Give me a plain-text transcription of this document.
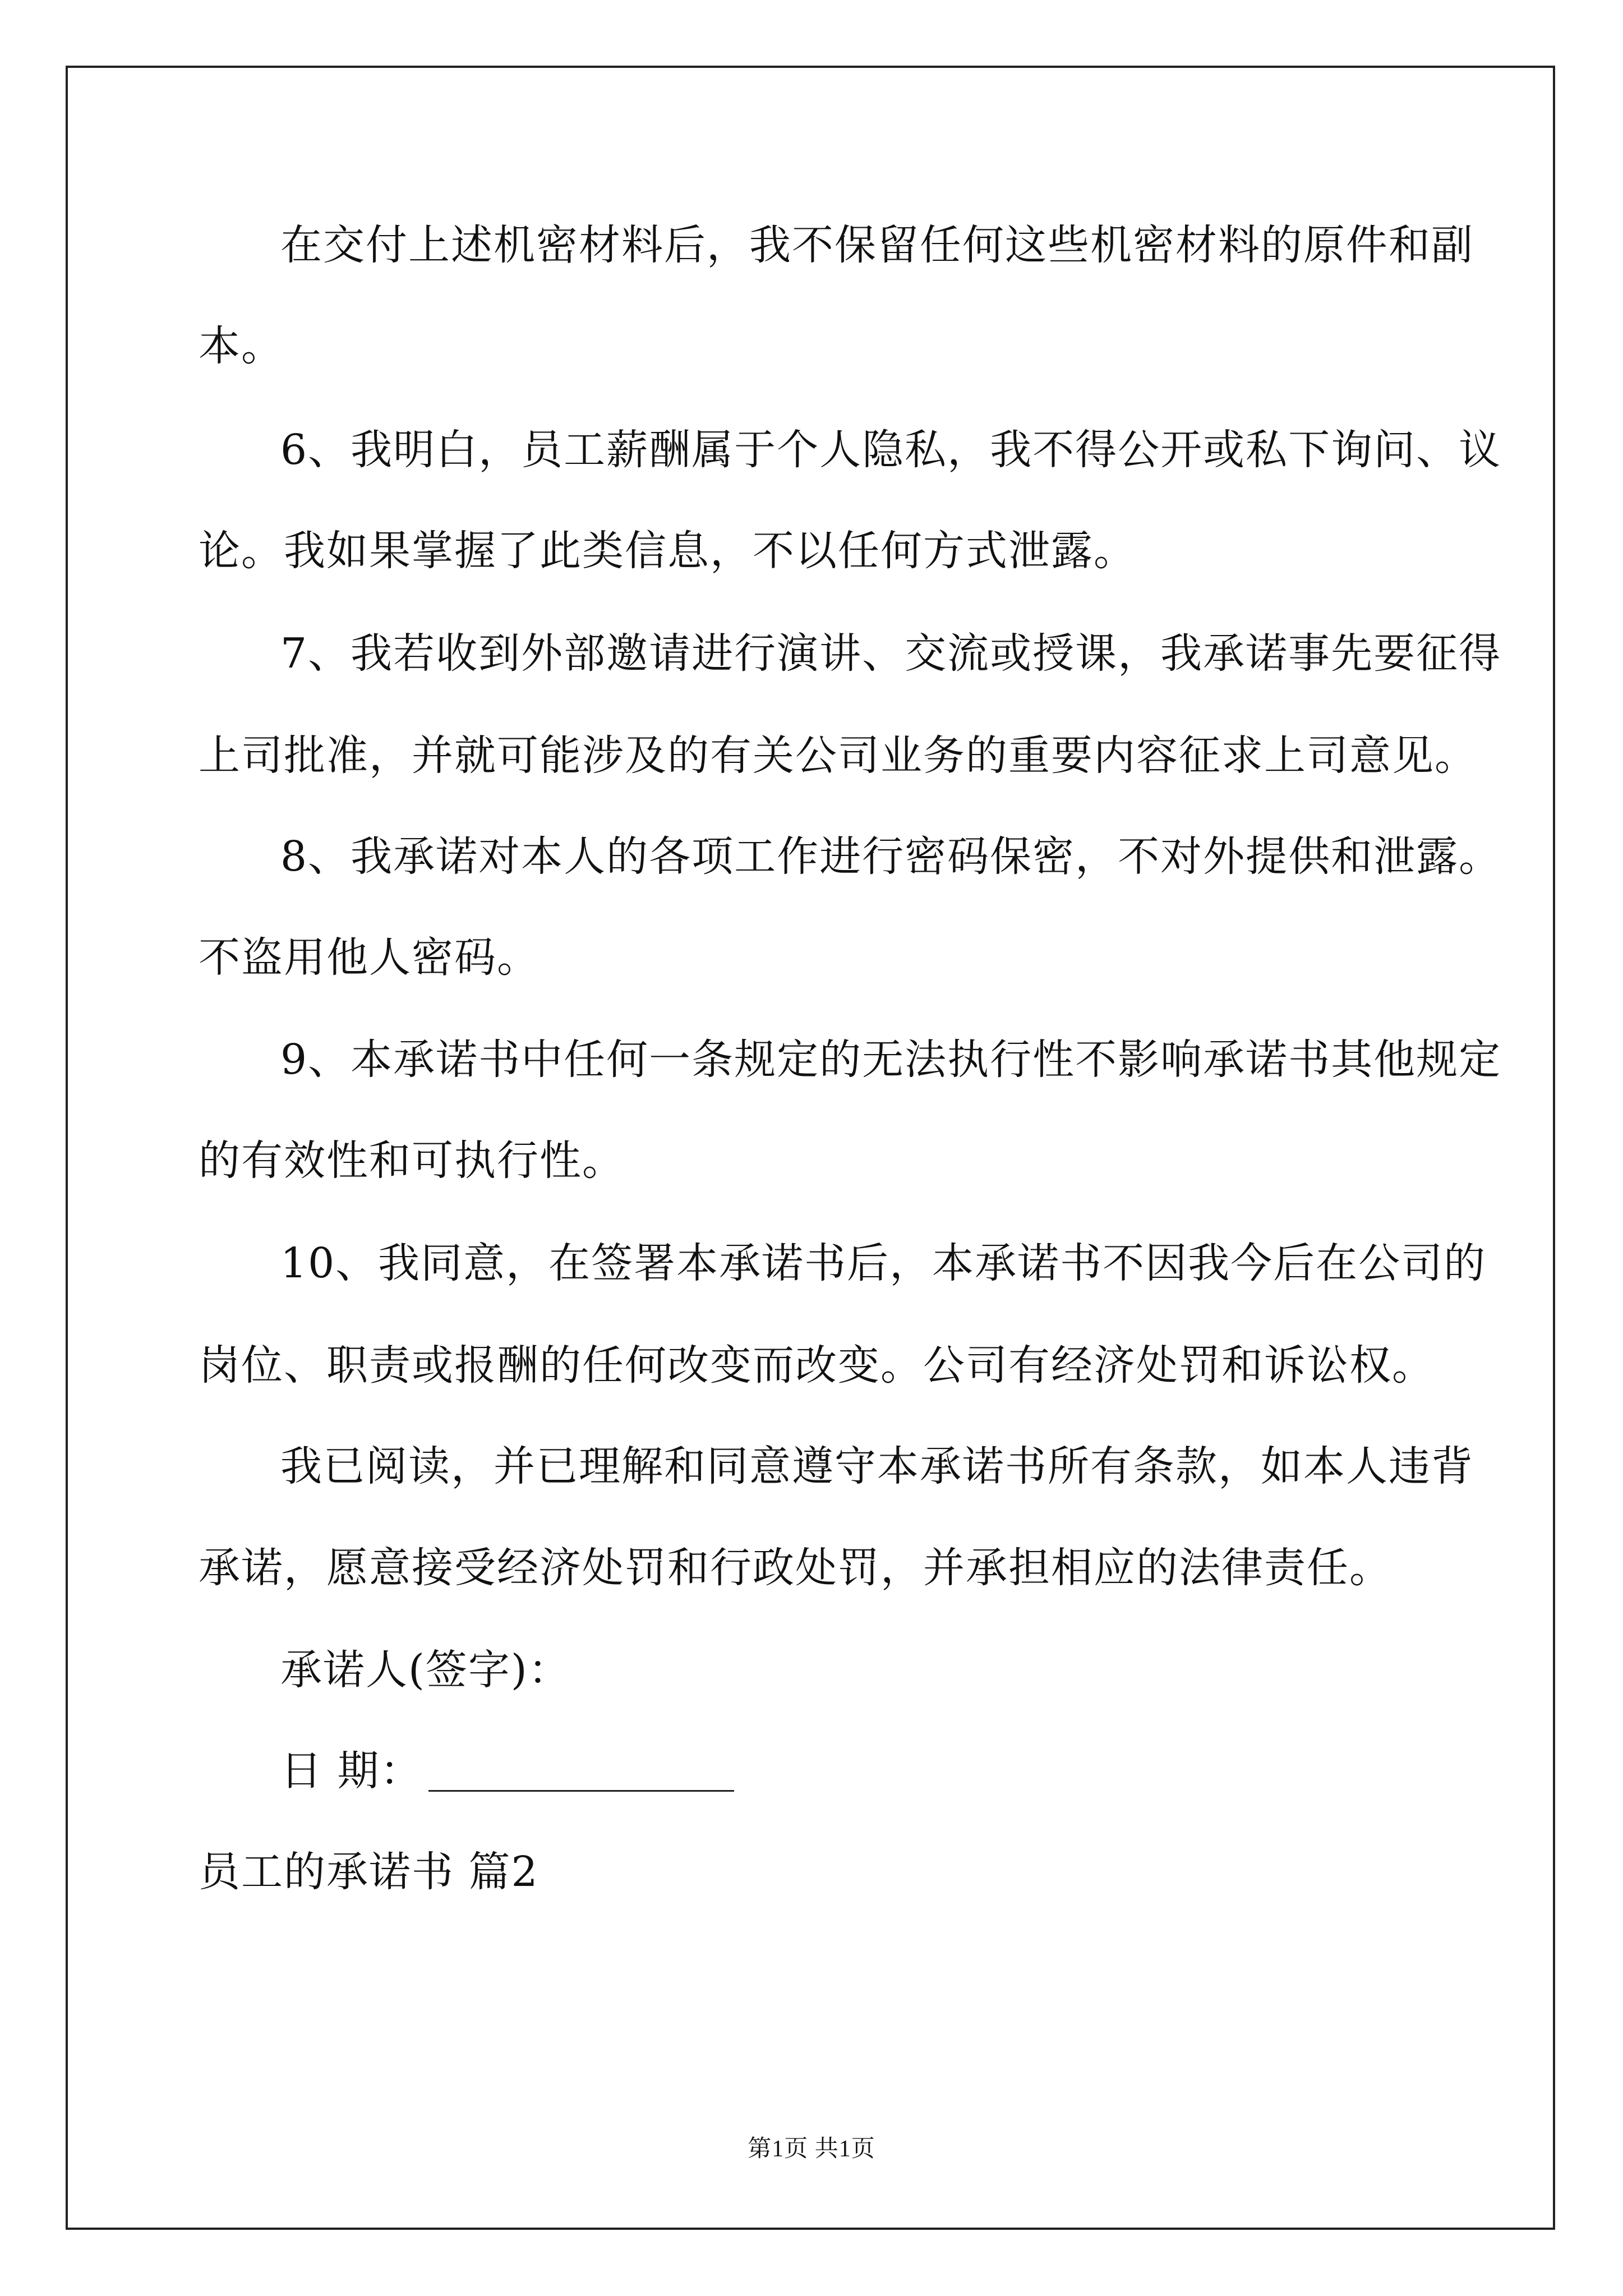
在交付上述机密材料后，我不保留任何这些机密材料的原件和副
本。
6、我明白，员工薪酬属于个人隐私，我不得公开或私下询问、议
论。我如果掌握了此类信息，不以任何方式泄露。
7、我若收到外部邀请进行演讲、交流或授课，我承诺事先要征得
上司批准，并就可能涉及的有关公司业务的重要内容征求上司意见。
8、我承诺对本人的各项工作进行密码保密，不对外提供和泄露。
不盗用他人密码。
9、本承诺书中任何一条规定的无法执行性不影响承诺书其他规定
的有效性和可执行性。
10、我同意，在签署本承诺书后，本承诺书不因我今后在公司的
岗位、职责或报酬的任何改变而改变。公司有经济处罚和诉讼权。
我已阅读，并已理解和同意遵守本承诺书所有条款，如本人违背
承诺，愿意接受经济处罚和行政处罚，并承担相应的法律责任。
承诺人(签字)：
日 期：
员工的承诺书 篇2
第1页 共1页
